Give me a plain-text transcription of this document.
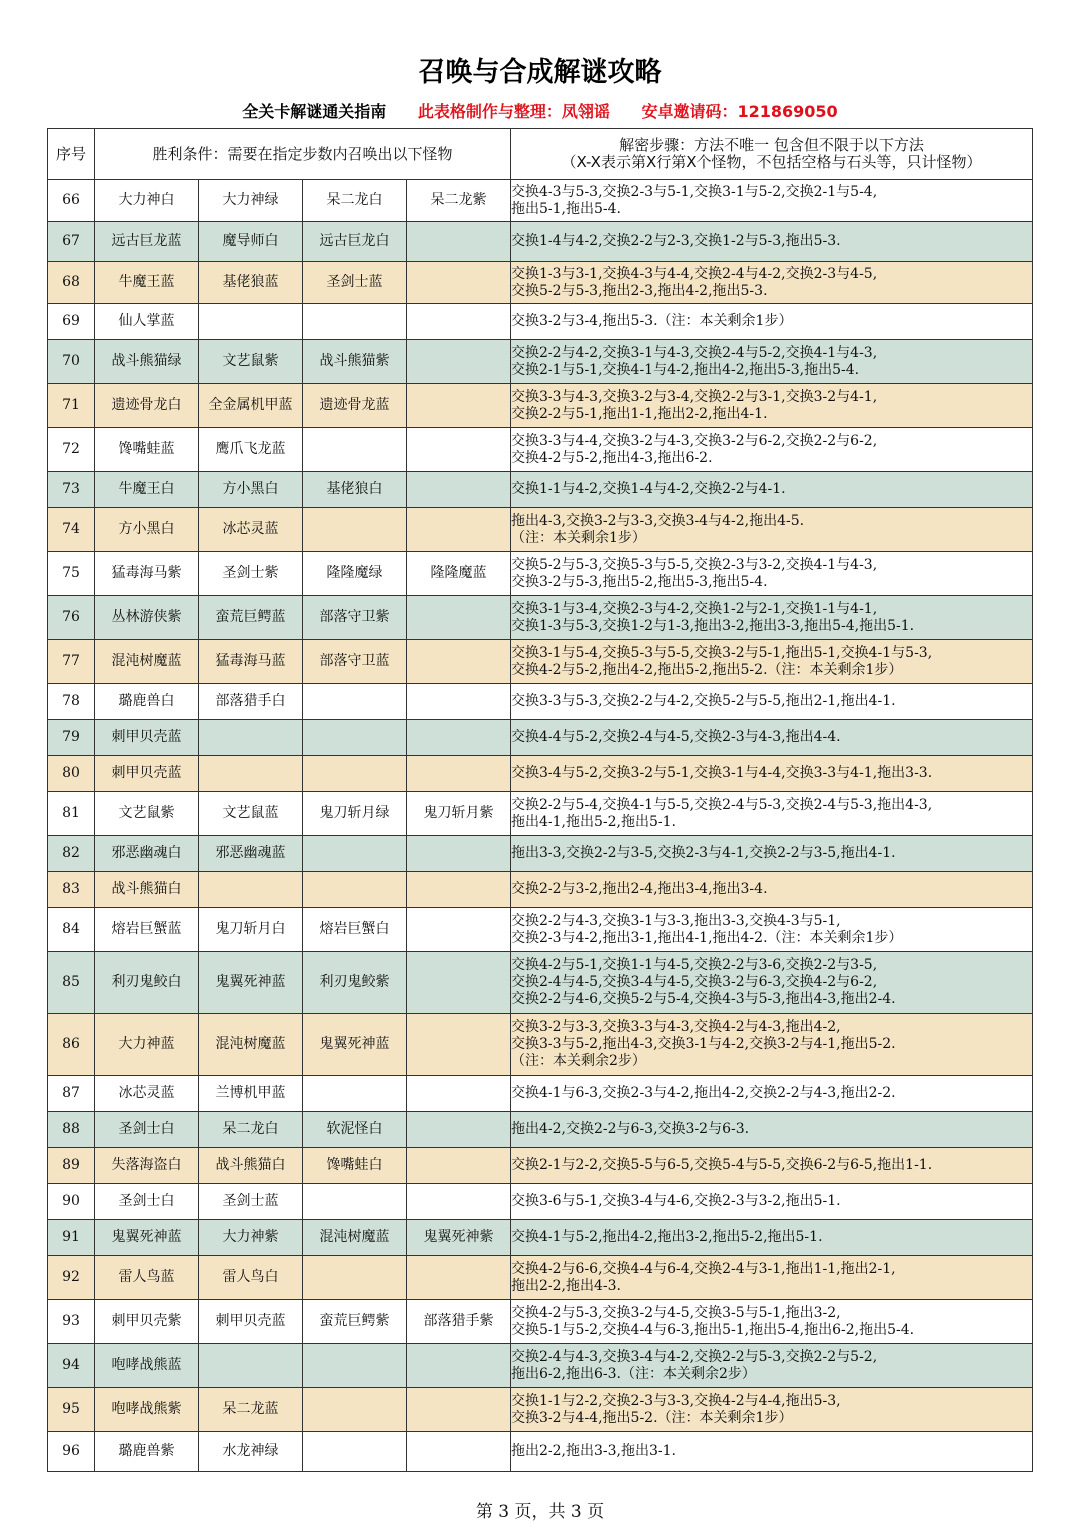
召唤与合成解谜攻略
全关卡解谜通关指南 此表格制作与整理：凤翎谣 安卓邀请码：121869050
序号	胜利条件：需要在指定步数内召唤出以下怪物				解密步骤：方法不唯一 包含但不限于以下方法
（X-X表示第X行第X个怪物，不包括空格与石头等，只计怪物）
66	大力神白	大力神绿	呆二龙白	呆二龙紫	交换4-3与5-3,交换2-3与5-1,交换3-1与5-2,交换2-1与5-4,
拖出5-1,拖出5-4.

67	远古巨龙蓝	魔导师白	远古巨龙白		交换1-4与4-2,交换2-2与2-3,交换1-2与5-3,拖出5-3.

68	牛魔王蓝	基佬狼蓝	圣剑士蓝		交换1-3与3-1,交换4-3与4-4,交换2-4与4-2,交换2-3与4-5,
交换5-2与5-3,拖出2-3,拖出4-2,拖出5-3.

69	仙人掌蓝				交换3-2与3-4,拖出5-3.（注：本关剩余1步）

70	战斗熊猫绿	文艺鼠紫	战斗熊猫紫		交换2-2与4-2,交换3-1与4-3,交换2-4与5-2,交换4-1与4-3,
交换2-1与5-1,交换4-1与4-2,拖出4-2,拖出5-3,拖出5-4.

71	遗迹骨龙白	全金属机甲蓝	遗迹骨龙蓝		交换3-3与4-3,交换3-2与3-4,交换2-2与3-1,交换3-2与4-1,
交换2-2与5-1,拖出1-1,拖出2-2,拖出4-1.

72	馋嘴蛙蓝	鹰爪飞龙蓝			交换3-3与4-4,交换3-2与4-3,交换3-2与6-2,交换2-2与6-2,
交换4-2与5-2,拖出4-3,拖出6-2.

73	牛魔王白	方小黑白	基佬狼白		交换1-1与4-2,交换1-4与4-2,交换2-2与4-1.

74	方小黑白	冰芯灵蓝			拖出4-3,交换3-2与3-3,交换3-4与4-2,拖出4-5.
（注：本关剩余1步）

75	猛毒海马紫	圣剑士紫	隆隆魔绿	隆隆魔蓝	交换5-2与5-3,交换5-3与5-5,交换2-3与3-2,交换4-1与4-3,
交换3-2与5-3,拖出5-2,拖出5-3,拖出5-4.

76	丛林游侠紫	蛮荒巨鳄蓝	部落守卫紫		交换3-1与3-4,交换2-3与4-2,交换1-2与2-1,交换1-1与4-1,
交换1-3与5-3,交换1-2与1-3,拖出3-2,拖出3-3,拖出5-4,拖出5-1.

77	混沌树魔蓝	猛毒海马蓝	部落守卫蓝		交换3-1与5-4,交换5-3与5-5,交换3-2与5-1,拖出5-1,交换4-1与5-3,
交换4-2与5-2,拖出4-2,拖出5-2,拖出5-2.（注：本关剩余1步）

78	璐鹿兽白	部落猎手白			交换3-3与5-3,交换2-2与4-2,交换5-2与5-5,拖出2-1,拖出4-1.

79	刺甲贝壳蓝				交换4-4与5-2,交换2-4与4-5,交换2-3与4-3,拖出4-4.

80	刺甲贝壳蓝				交换3-4与5-2,交换3-2与5-1,交换3-1与4-4,交换3-3与4-1,拖出3-3.

81	文艺鼠紫	文艺鼠蓝	鬼刀斩月绿	鬼刀斩月紫	交换2-2与5-4,交换4-1与5-5,交换2-4与5-3,交换2-4与5-3,拖出4-3,
拖出4-1,拖出5-2,拖出5-1.

82	邪恶幽魂白	邪恶幽魂蓝			拖出3-3,交换2-2与3-5,交换2-3与4-1,交换2-2与3-5,拖出4-1.

83	战斗熊猫白				交换2-2与3-2,拖出2-4,拖出3-4,拖出3-4.

84	熔岩巨蟹蓝	鬼刀斩月白	熔岩巨蟹白		交换2-2与4-3,交换3-1与3-3,拖出3-3,交换4-3与5-1,
交换2-3与4-2,拖出3-1,拖出4-1,拖出4-2.（注：本关剩余1步）

85	利刃鬼鲛白	鬼翼死神蓝	利刃鬼鲛紫		交换4-2与5-1,交换1-1与4-5,交换2-2与3-6,交换2-2与3-5,
交换2-4与4-5,交换3-4与4-5,交换3-2与6-3,交换4-2与6-2,
交换2-2与4-6,交换5-2与5-4,交换4-3与5-3,拖出4-3,拖出2-4.

86	大力神蓝	混沌树魔蓝	鬼翼死神蓝		交换3-2与3-3,交换3-3与4-3,交换4-2与4-3,拖出4-2,
交换3-3与5-2,拖出4-3,交换3-1与4-2,交换3-2与4-1,拖出5-2.
（注：本关剩余2步）

87	冰芯灵蓝	兰博机甲蓝			交换4-1与6-3,交换2-3与4-2,拖出4-2,交换2-2与4-3,拖出2-2.

88	圣剑士白	呆二龙白	软泥怪白		拖出4-2,交换2-2与6-3,交换3-2与6-3.

89	失落海盗白	战斗熊猫白	馋嘴蛙白		交换2-1与2-2,交换5-5与6-5,交换5-4与5-5,交换6-2与6-5,拖出1-1.

90	圣剑士白	圣剑士蓝			交换3-6与5-1,交换3-4与4-6,交换2-3与3-2,拖出5-1.

91	鬼翼死神蓝	大力神紫	混沌树魔蓝	鬼翼死神紫	交换4-1与5-2,拖出4-2,拖出3-2,拖出5-2,拖出5-1.

92	雷人鸟蓝	雷人鸟白			交换4-2与6-6,交换4-4与6-4,交换2-4与3-1,拖出1-1,拖出2-1,
拖出2-2,拖出4-3.

93	刺甲贝壳紫	刺甲贝壳蓝	蛮荒巨鳄紫	部落猎手紫	交换4-2与5-3,交换3-2与4-5,交换3-5与5-1,拖出3-2,
交换5-1与5-2,交换4-4与6-3,拖出5-1,拖出5-4,拖出6-2,拖出5-4.

94	咆哮战熊蓝				交换2-4与4-3,交换3-4与4-2,交换2-2与5-3,交换2-2与5-2,
拖出6-2,拖出6-3.（注：本关剩余2步）

95	咆哮战熊紫	呆二龙蓝			交换1-1与2-2,交换2-3与3-3,交换4-2与4-4,拖出5-3,
交换3-2与4-4,拖出5-2.（注：本关剩余1步）

96	璐鹿兽紫	水龙神绿			拖出2-2,拖出3-3,拖出3-1.
第 3 页，共 3 页
